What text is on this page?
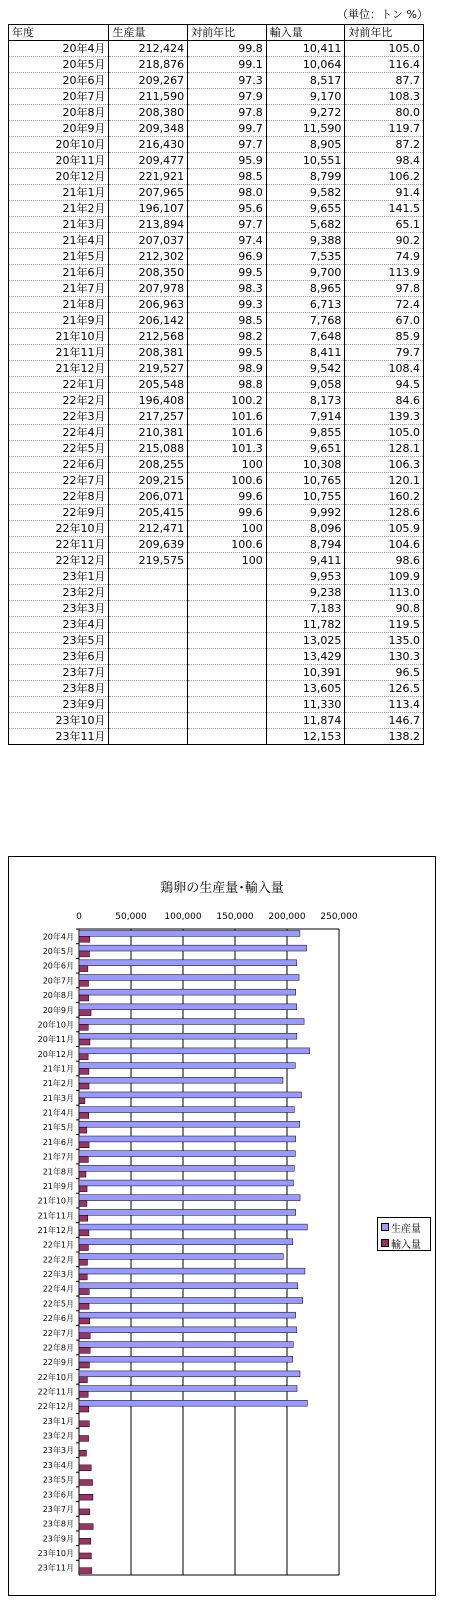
（単位：トン %）
年度	生産量	対前年比	輸入量	対前年比
20年4月	212,424	99.8	10,411	105.0
20年5月	218,876	99.1	10,064	116.4
20年6月	209,267	97.3	8,517	87.7
20年7月	211,590	97.9	9,170	108.3
20年8月	208,380	97.8	9,272	80.0
20年9月	209,348	99.7	11,590	119.7
20年10月	216,430	97.7	8,905	87.2
20年11月	209,477	95.9	10,551	98.4
20年12月	221,921	98.5	8,799	106.2
21年1月	207,965	98.0	9,582	91.4
21年2月	196,107	95.6	9,655	141.5
21年3月	213,894	97.7	5,682	65.1
21年4月	207,037	97.4	9,388	90.2
21年5月	212,302	96.9	7,535	74.9
21年6月	208,350	99.5	9,700	113.9
21年7月	207,978	98.3	8,965	97.8
21年8月	206,963	99.3	6,713	72.4
21年9月	206,142	98.5	7,768	67.0
21年10月	212,568	98.2	7,648	85.9
21年11月	208,381	99.5	8,411	79.7
21年12月	219,527	98.9	9,542	108.4
22年1月	205,548	98.8	9,058	94.5
22年2月	196,408	100.2	8,173	84.6
22年3月	217,257	101.6	7,914	139.3
22年4月	210,381	101.6	9,855	105.0
22年5月	215,088	101.3	9,651	128.1
22年6月	208,255	100	10,308	106.3
22年7月	209,215	100.6	10,765	120.1
22年8月	206,071	99.6	10,755	160.2
22年9月	205,415	99.6	9,992	128.6
22年10月	212,471	100	8,096	105.9
22年11月	209,639	100.6	8,794	104.6
22年12月	219,575	100	9,411	98.6
23年1月			9,953	109.9
23年2月			9,238	113.0
23年3月			7,183	90.8
23年4月			11,782	119.5
23年5月			13,025	135.0
23年6月			13,429	130.3
23年7月			10,391	96.5
23年8月			13,605	126.5
23年9月			11,330	113.4
23年10月			11,874	146.7
23年11月			12,153	138.2
鶏卵の生産量･輸入量
0	50,000 100,000 150,000 200,000 250,000
20年4月
20年5月
20年6月
20年7月
20年8月
20年9月
20年10月
20年11月
20年12月
21年1月
21年2月
21年3月
21年4月
21年5月
21年6月
21年7月
21年8月
21年9月
21年10月
21年11月
21年12月
22年1月
22年2月
22年3月
22年4月
22年5月
22年6月
22年7月
22年8月
22年9月
22年10月
22年11月
22年12月
23年1月
23年2月
23年3月
23年4月
23年5月
23年6月
23年7月
23年8月
23年9月
23年10月
23年11月
生産量
輸入量
